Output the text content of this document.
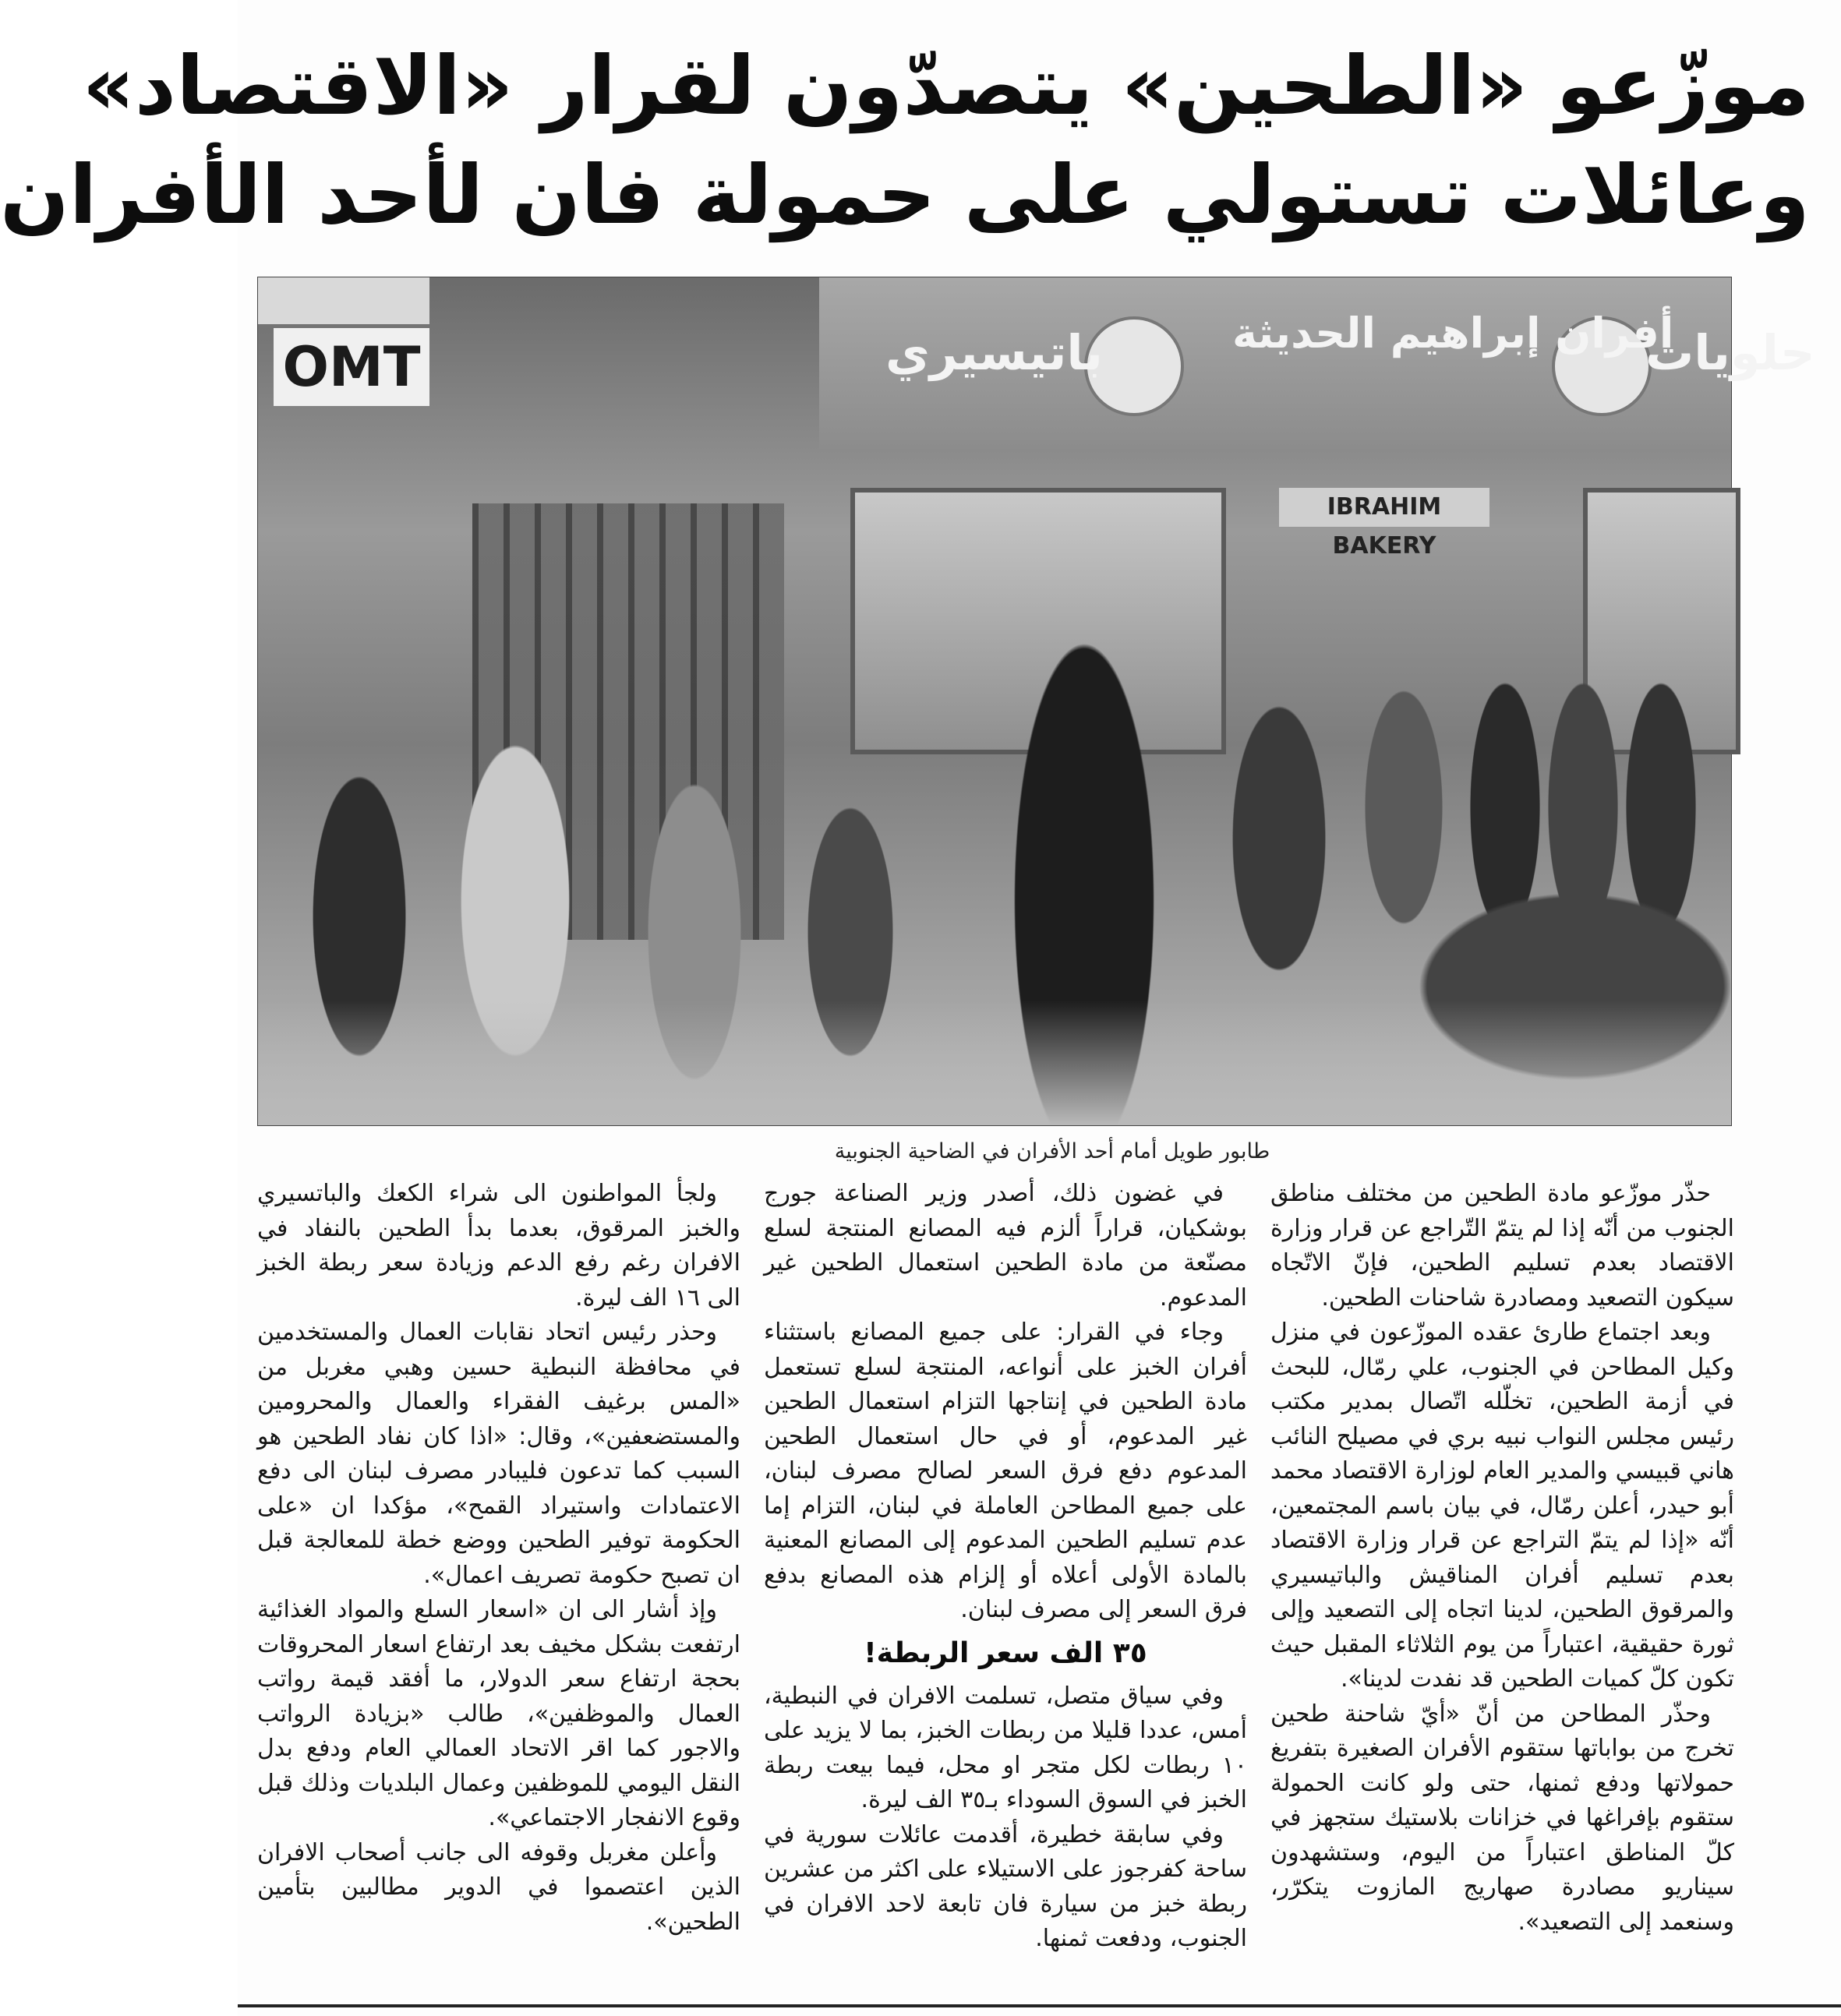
موزّعو «الطحين» يتصدّون لقرار «الاقتصاد»
وعائلات تستولي على حمولة فان لأحد الأفران
OMT	باتيسيري	أفران إبراهيم الحديثة
حلويات
IBRAHIM BAKERY
طابور طويل أمام أحد الأفران في الضاحية الجنوبية

حذّر موزّعو مادة الطحين من مختلف مناطق الجنوب من أنّه إذا لم يتمّ التّراجع عن قرار وزارة الاقتصاد بعدم تسليم الطحين، فإنّ الاتّجاه سيكون التصعيد ومصادرة شاحنات الطحين.

وبعد اجتماع طارئ عقده الموزّعون في منزل وكيل المطاحن في الجنوب، علي رمّال، للبحث في أزمة الطحين، تخلّله اتّصال بمدير مكتب رئيس مجلس النواب نبيه بري في مصيلح النائب هاني قبيسي والمدير العام لوزارة الاقتصاد محمد أبو حيدر، أعلن رمّال، في بيان باسم المجتمعين، أنّه «إذا لم يتمّ التراجع عن قرار وزارة الاقتصاد بعدم تسليم أفران المناقيش والباتيسيري والمرقوق الطحين، لدينا اتجاه إلى التصعيد وإلى ثورة حقيقية، اعتباراً من يوم الثلاثاء المقبل حيث تكون كلّ كميات الطحين قد نفدت لدينا».

وحذّر المطاحن من أنّ «أيّ شاحنة طحين تخرج من بواباتها ستقوم الأفران الصغيرة بتفريغ حمولاتها ودفع ثمنها، حتى ولو كانت الحمولة ستقوم بإفراغها في خزانات بلاستيك ستجهز في كلّ المناطق اعتباراً من اليوم، وستشهدون سيناريو مصادرة صهاريج المازوت يتكرّر، وسنعمد إلى التصعيد».

في غضون ذلك، أصدر وزير الصناعة جورج بوشكيان، قراراً ألزم فيه المصانع المنتجة لسلع مصنّعة من مادة الطحين استعمال الطحين غير المدعوم.

وجاء في القرار: على جميع المصانع باستثناء أفران الخبز على أنواعه، المنتجة لسلع تستعمل مادة الطحين في إنتاجها التزام استعمال الطحين غير المدعوم، أو في حال استعمال الطحين المدعوم دفع فرق السعر لصالح مصرف لبنان، على جميع المطاحن العاملة في لبنان، التزام إما عدم تسليم الطحين المدعوم إلى المصانع المعنية بالمادة الأولى أعلاه أو إلزام هذه المصانع بدفع فرق السعر إلى مصرف لبنان.

٣٥ الف سعر الربطة!

وفي سياق متصل، تسلمت الافران في النبطية، أمس، عددا قليلا من ربطات الخبز، بما لا يزيد على ١٠ ربطات لكل متجر او محل، فيما بيعت ربطة الخبز في السوق السوداء بـ٣٥ الف ليرة.

وفي سابقة خطيرة، أقدمت عائلات سورية في ساحة كفرجوز على الاستيلاء على اكثر من عشرين ربطة خبز من سيارة فان تابعة لاحد الافران في الجنوب، ودفعت ثمنها.

ولجأ المواطنون الى شراء الكعك والباتسيري والخبز المرقوق، بعدما بدأ الطحين بالنفاد في الافران رغم رفع الدعم وزيادة سعر ربطة الخبز الى ١٦ الف ليرة.

وحذر رئيس اتحاد نقابات العمال والمستخدمين في محافظة النبطية حسين وهبي مغربل من «المس برغيف الفقراء والعمال والمحرومين والمستضعفين»، وقال: «اذا كان نفاد الطحين هو السبب كما تدعون فليبادر مصرف لبنان الى دفع الاعتمادات واستيراد القمح»، مؤكدا ان «على الحكومة توفير الطحين ووضع خطة للمعالجة قبل ان تصبح حكومة تصريف اعمال».

وإذ أشار الى ان «اسعار السلع والمواد الغذائية ارتفعت بشكل مخيف بعد ارتفاع اسعار المحروقات بحجة ارتفاع سعر الدولار، ما أفقد قيمة رواتب العمال والموظفين»، طالب «بزيادة الرواتب والاجور كما اقر الاتحاد العمالي العام ودفع بدل النقل اليومي للموظفين وعمال البلديات وذلك قبل وقوع الانفجار الاجتماعي».

وأعلن مغربل وقوفه الى جانب أصحاب الافران الذين اعتصموا في الدوير مطالبين بتأمين الطحين».
